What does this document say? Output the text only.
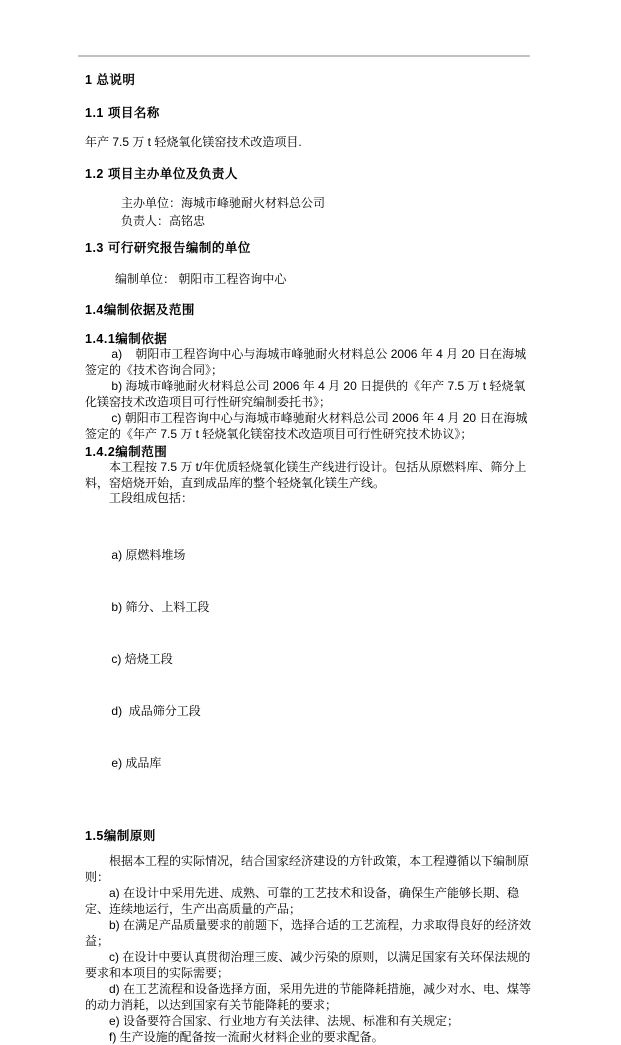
1 总说明

1.1 项目名称

年产 7.5 万 t 轻烧氧化镁窑技术改造项目.

1.2 项目主办单位及负责人

主办单位：海城市峰驰耐火材料总公司

负责人：高铭忠

1.3 可行研究报告编制的单位

编制单位： 朝阳市工程咨询中心

1.4编制依据及范围

1.4.1编制依据

a)    朝阳市工程咨询中心与海城市峰驰耐火材料总公 2006 年 4 月 20 日在海城签定的《技术咨询合同》；

b) 海城市峰驰耐火材料总公司 2006 年 4 月 20 日提供的《年产 7.5 万 t 轻烧氧化镁窑技术改造项目可行性研究编制委托书》；

c) 朝阳市工程咨询中心与海城市峰驰耐火材料总公司 2006 年 4 月 20 日在海城签定的《年产 7.5 万 t 轻烧氧化镁窑技术改造项目可行性研究技术协议》；

1.4.2编制范围

本工程按 7.5 万 t/年优质轻烧氧化镁生产线进行设计。包括从原燃料库、筛分上料，窑焙烧开始，直到成品库的整个轻烧氧化镁生产线。

工段组成包括：

a) 原燃料堆场

b) 筛分、上料工段

c) 焙烧工段

d)  成品筛分工段

e) 成品库

1.5编制原则

根据本工程的实际情况，结合国家经济建设的方针政策，本工程遵循以下编制原则：

a) 在设计中采用先进、成熟、可靠的工艺技术和设备，确保生产能够长期、稳定、连续地运行，生产出高质量的产品；

b) 在满足产品质量要求的前题下，选择合适的工艺流程，力求取得良好的经济效益；

c) 在设计中要认真贯彻治理三废、减少污染的原则，以满足国家有关环保法规的要求和本项目的实际需要；

d) 在工艺流程和设备选择方面，采用先进的节能降耗措施，减少对水、电、煤等的动力消耗，以达到国家有关节能降耗的要求；

e) 设备要符合国家、行业地方有关法律、法规、标准和有关规定；

f) 生产设施的配备按一流耐火材料企业的要求配备。
